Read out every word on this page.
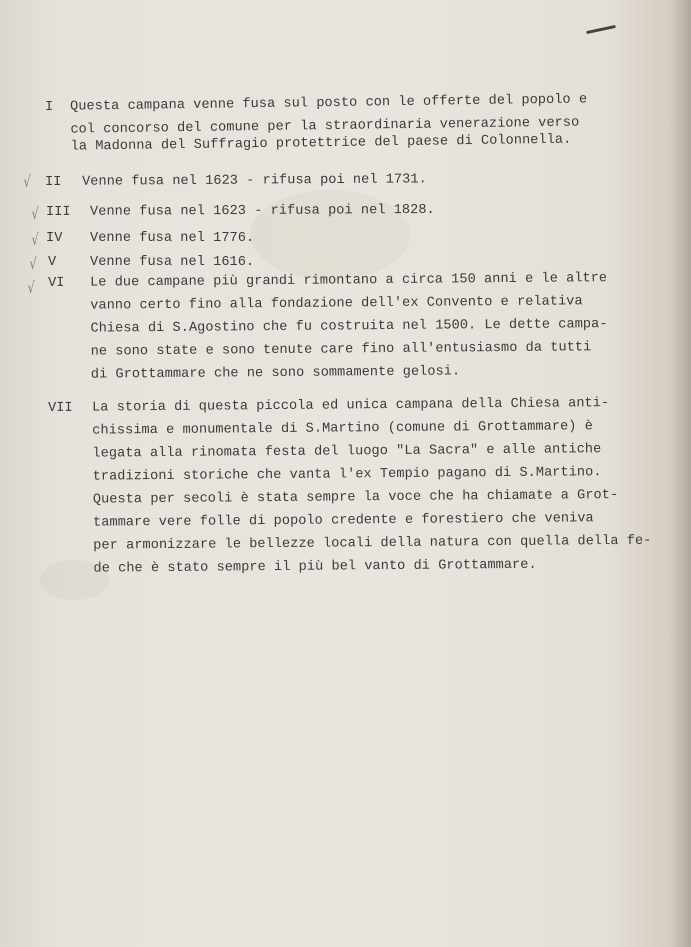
√
√
√
√
√
I Questa campana venne fusa sul posto con le offerte del popolo e
col concorso del comune per la straordinaria venerazione verso
la Madonna del Suffragio protettrice del paese di Colonnella.
II Venne fusa nel 1623 - rifusa poi nel 1731.
III Venne fusa nel 1623 - rifusa poi nel 1828.
IV Venne fusa nel 1776.
V Venne fusa nel 1616.
VI Le due campane più grandi rimontano a circa 150 anni e le altre
vanno certo fino alla fondazione dell'ex Convento e relativa
Chiesa di S.Agostino che fu costruita nel 1500. Le dette campa-
ne sono state e sono tenute care fino all'entusiasmo da tutti
di Grottammare che ne sono sommamente gelosi.
VII La storia di questa piccola ed unica campana della Chiesa anti-
chissima e monumentale di S.Martino (comune di Grottammare) è
legata alla rinomata festa del luogo "La Sacra" e alle antiche
tradizioni storiche che vanta l'ex Tempio pagano di S.Martino.
Questa per secoli è stata sempre la voce che ha chiamate a Grot-
tammare vere folle di popolo credente e forestiero che veniva
per armonizzare le bellezze locali della natura con quella della fe-
de che è stato sempre il più bel vanto di Grottammare.
